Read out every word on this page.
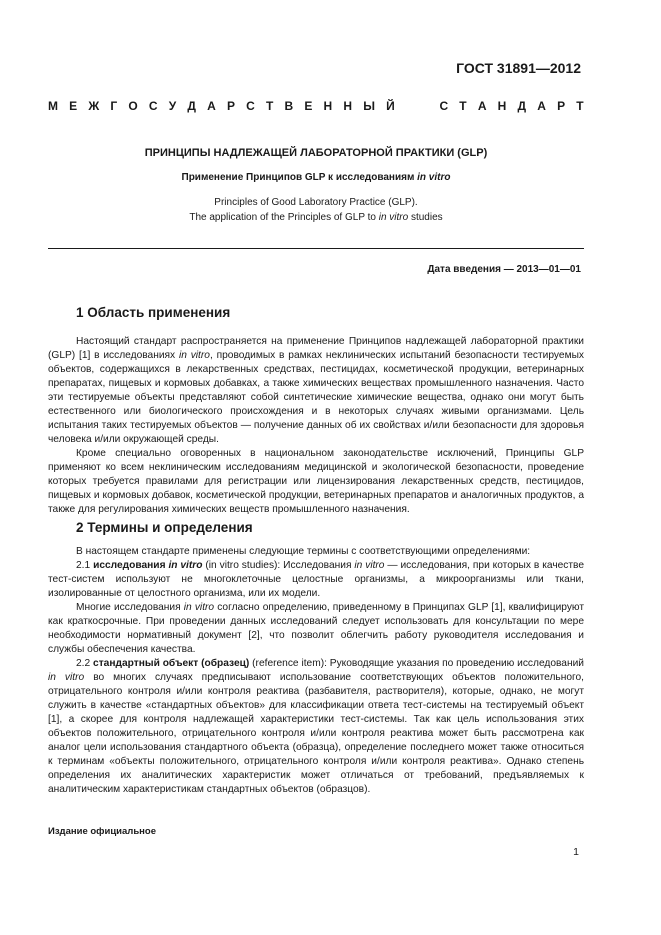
ГОСТ 31891—2012
М Е Ж Г О С У Д А Р С Т В Е Н Н Ы Й	С Т А Н Д А Р Т
ПРИНЦИПЫ НАДЛЕЖАЩЕЙ ЛАБОРАТОРНОЙ ПРАКТИКИ (GLP)
Применение Принципов GLP к исследованиям in vitro
Principles of Good Laboratory Practice (GLP).
The application of the Principles of GLP to in vitro studies
Дата введения — 2013—01—01
1 Область применения

Настоящий стандарт распространяется на применение Принципов надлежащей лабораторной практики (GLP) [1] в исследованиях in vitro, проводимых в рамках неклинических испытаний безопасности тестируемых объектов, содержащихся в лекарственных средствах, пестицидах, косметической продукции, ветеринарных препаратах, пищевых и кормовых добавках, а также химических веществах промышленного назначения. Часто эти тестируемые объекты представляют собой синтетические химические вещества, однако они могут быть естественного или биологического происхождения и в некоторых случаях живыми организмами. Цель испытания таких тестируемых объектов — получение данных об их свойствах и/или безопасности для здоровья человека и/или окружающей среды.

Кроме специально оговоренных в национальном законодательстве исключений, Принципы GLP применяют ко всем неклиническим исследованиям медицинской и экологической безопасности, проведение которых требуется правилами для регистрации или лицензирования лекарственных средств, пестицидов, пищевых и кормовых добавок, косметической продукции, ветеринарных препаратов и аналогичных продуктов, а также для регулирования химических веществ промышленного назначения.

2 Термины и определения

В настоящем стандарте применены следующие термины с соответствующими определениями:

2.1 исследования in vitro (in vitro studies): Исследования in vitro — исследования, при которых в качестве тест-систем используют не многоклеточные целостные организмы, а микроорганизмы или ткани, изолированные от целостного организма, или их модели.

Многие исследования in vitro согласно определению, приведенному в Принципах GLP [1], квалифицируют как краткосрочные. При проведении данных исследований следует использовать для консультации по мере необходимости нормативный документ [2], что позволит облегчить работу руководителя исследования и службы обеспечения качества.

2.2 стандартный объект (образец) (reference item): Руководящие указания по проведению исследований in vitro во многих случаях предписывают использование соответствующих объектов положительного, отрицательного контроля и/или контроля реактива (разбавителя, растворителя), которые, однако, не могут служить в качестве «стандартных объектов» для классификации ответа тест-системы на тестируемый объект [1], а скорее для контроля надлежащей характеристики тест-системы. Так как цель использования этих объектов положительного, отрицательного контроля и/или контроля реактива может быть рассмотрена как аналог цели использования стандартного объекта (образца), определение последнего может также относиться к терминам «объекты положительного, отрицательного контроля и/или контроля реактива». Однако степень определения их аналитических характеристик может отличаться от требований, предъявляемых к аналитическим характеристикам стандартных объектов (образцов).

Издание официальное
1
